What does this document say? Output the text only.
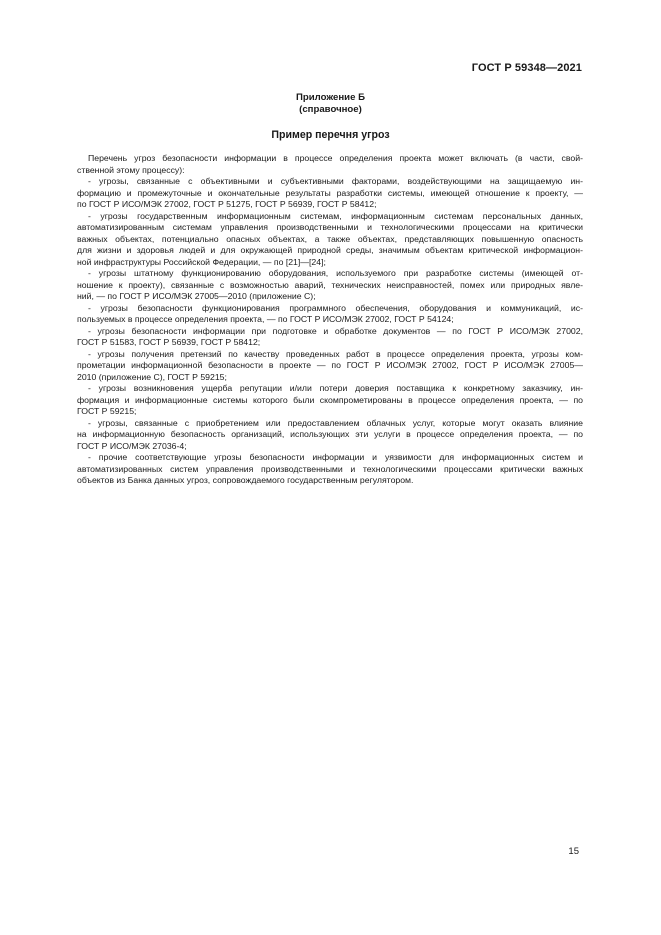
ГОСТ Р 59348—2021
Приложение Б
(справочное)
Пример перечня угроз
Перечень угроз безопасности информации в процессе определения проекта может включать (в части, свой-
ственной этому процессу):
- угрозы, связанные с объективными и субъективными факторами, воздействующими на защищаемую ин-
формацию и промежуточные и окончательные результаты разработки системы, имеющей отношение к проекту, —
по ГОСТ Р ИСО/МЭК 27002, ГОСТ Р 51275, ГОСТ Р 56939, ГОСТ Р 58412;
- угрозы государственным информационным системам, информационным системам персональных данных,
автоматизированным системам управления производственными и технологическими процессами на критически
важных объектах, потенциально опасных объектах, а также объектах, представляющих повышенную опасность
для жизни и здоровья людей и для окружающей природной среды, значимым объектам критической информацион-
ной инфраструктуры Российской Федерации, — по [21]—[24];
- угрозы штатному функционированию оборудования, используемого при разработке системы (имеющей от-
ношение к проекту), связанные с возможностью аварий, технических неисправностей, помех или природных явле-
ний, — по ГОСТ Р ИСО/МЭК 27005—2010 (приложение С);
- угрозы безопасности функционирования программного обеспечения, оборудования и коммуникаций, ис-
пользуемых в процессе определения проекта, — по ГОСТ Р ИСО/МЭК 27002, ГОСТ Р 54124;
- угрозы безопасности информации при подготовке и обработке документов — по ГОСТ Р ИСО/МЭК 27002,
ГОСТ Р 51583, ГОСТ Р 56939, ГОСТ Р 58412;
- угрозы получения претензий по качеству проведенных работ в процессе определения проекта, угрозы ком-
прометации информационной безопасности в проекте — по ГОСТ Р ИСО/МЭК 27002, ГОСТ Р ИСО/МЭК 27005—
2010 (приложение С), ГОСТ Р 59215;
- угрозы возникновения ущерба репутации и/или потери доверия поставщика к конкретному заказчику, ин-
формация и информационные системы которого были скомпрометированы в процессе определения проекта, — по
ГОСТ Р 59215;
- угрозы, связанные с приобретением или предоставлением облачных услуг, которые могут оказать влияние
на информационную безопасность организаций, использующих эти услуги в процессе определения проекта, — по
ГОСТ Р ИСО/МЭК 27036-4;
- прочие соответствующие угрозы безопасности информации и уязвимости для информационных систем и
автоматизированных систем управления производственными и технологическими процессами критически важных
объектов из Банка данных угроз, сопровождаемого государственным регулятором.
15
